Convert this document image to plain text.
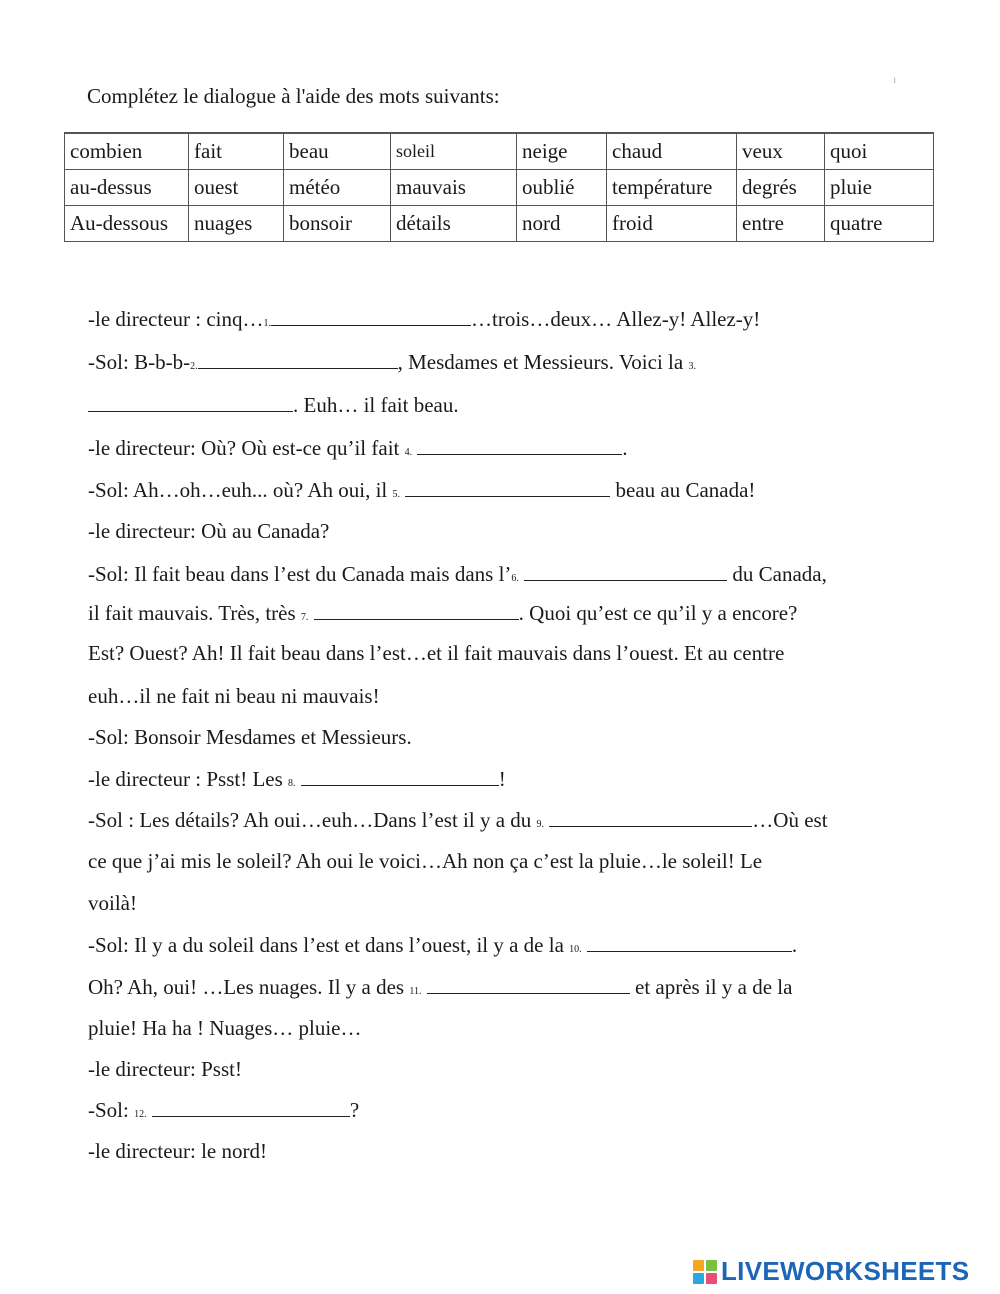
Complétez le dialogue à l'aide des mots suivants:
ı
combien	fait	beau	soleil	neige	chaud	veux	quoi
au-dessus	ouest	météo	mauvais	oublié	température	degrés	pluie
Au-dessous	nuages	bonsoir	détails	nord	froid	entre	quatre
-le directeur : cinq…1.	…trois…deux… Allez-y! Allez-y!
-Sol: B-b-b-2.	, Mesdames et Messieurs. Voici la 3.
. Euh… il fait beau.
-le directeur: Où? Où est-ce qu’il fait 4.	.
-Sol: Ah…oh…euh... où? Ah oui, il 5.	beau au Canada!
-le directeur: Où au Canada?
-Sol: Il fait beau dans l’est du Canada mais dans l’6.	du Canada,
il fait mauvais. Très, très 7.	. Quoi qu’est ce qu’il y a encore?
Est? Ouest? Ah! Il fait beau dans l’est…et il fait mauvais dans l’ouest. Et au centre
euh…il ne fait ni beau ni mauvais!
-Sol: Bonsoir Mesdames et Messieurs.
-le directeur : Psst! Les 8.	!
-Sol : Les détails? Ah oui…euh…Dans l’est il y a du 9.	…Où est
ce que j’ai mis le soleil? Ah oui le voici…Ah non ça c’est la pluie…le soleil! Le
voilà!
-Sol: Il y a du soleil dans l’est et dans l’ouest, il y a de la 10.	.
Oh? Ah, oui! …Les nuages. Il y a des 11.	et après il y a de la
pluie! Ha ha ! Nuages… pluie…
-le directeur: Psst!
-Sol: 12.	?
-le directeur: le nord!
LIVEWORKSHEETS
